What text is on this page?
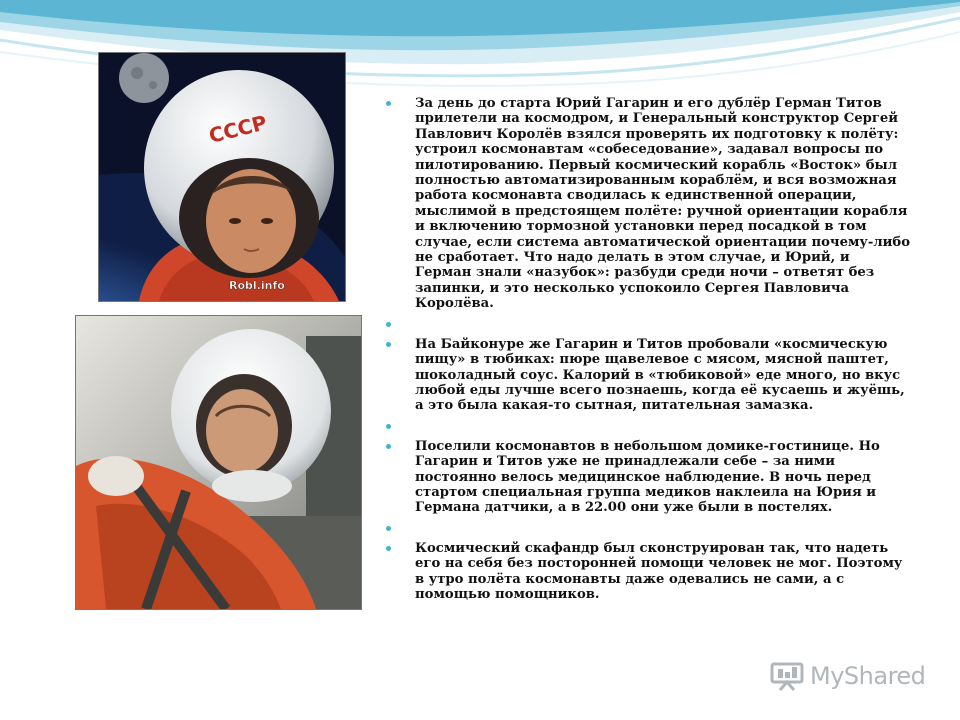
СССР
Robl.info

За день до старта Юрий Гагарин и его дублёр Герман Титов прилетели на космодром, и Генеральный конструктор Сергей Павлович Королёв взялся проверять их подготовку к полёту: устроил космонавтам «собеседование», задавал вопросы по пилотированию. Первый космический корабль «Восток» был полностью автоматизированным кораблём, и вся возможная работа космонавта сводилась к единственной операции, мыслимой в предстоящем полёте: ручной ориентации корабля и включению тормозной установки перед посадкой в том случае, если система автоматической ориентации почему-либо не сработает. Что надо делать в этом случае, и Юрий, и Герман знали «назубок»: разбуди среди ночи – ответят без запинки, и это несколько успокоило Сергея Павловича Королёва.

На Байконуре же Гагарин и Титов пробовали «космическую пищу» в тюбиках: пюре щавелевое с мясом, мясной паштет, шоколадный соус. Калорий в «тюбиковой» еде много, но вкус любой еды лучше всего познаешь, когда её кусаешь и жуёшь, а это была какая-то сытная, питательная замазка.

Поселили космонавтов в небольшом домике-гостинице. Но Гагарин и Титов уже не принадлежали себе – за ними постоянно велось медицинское наблюдение. В ночь перед стартом специальная группа медиков наклеила на Юрия и Германа датчики, а в 22.00 они уже были в постелях.

Космический скафандр был сконструирован так, что надеть его на себя без посторонней помощи человек не мог. Поэтому в утро полёта космонавты даже одевались не сами, а с помощью помощников.

MyShared
